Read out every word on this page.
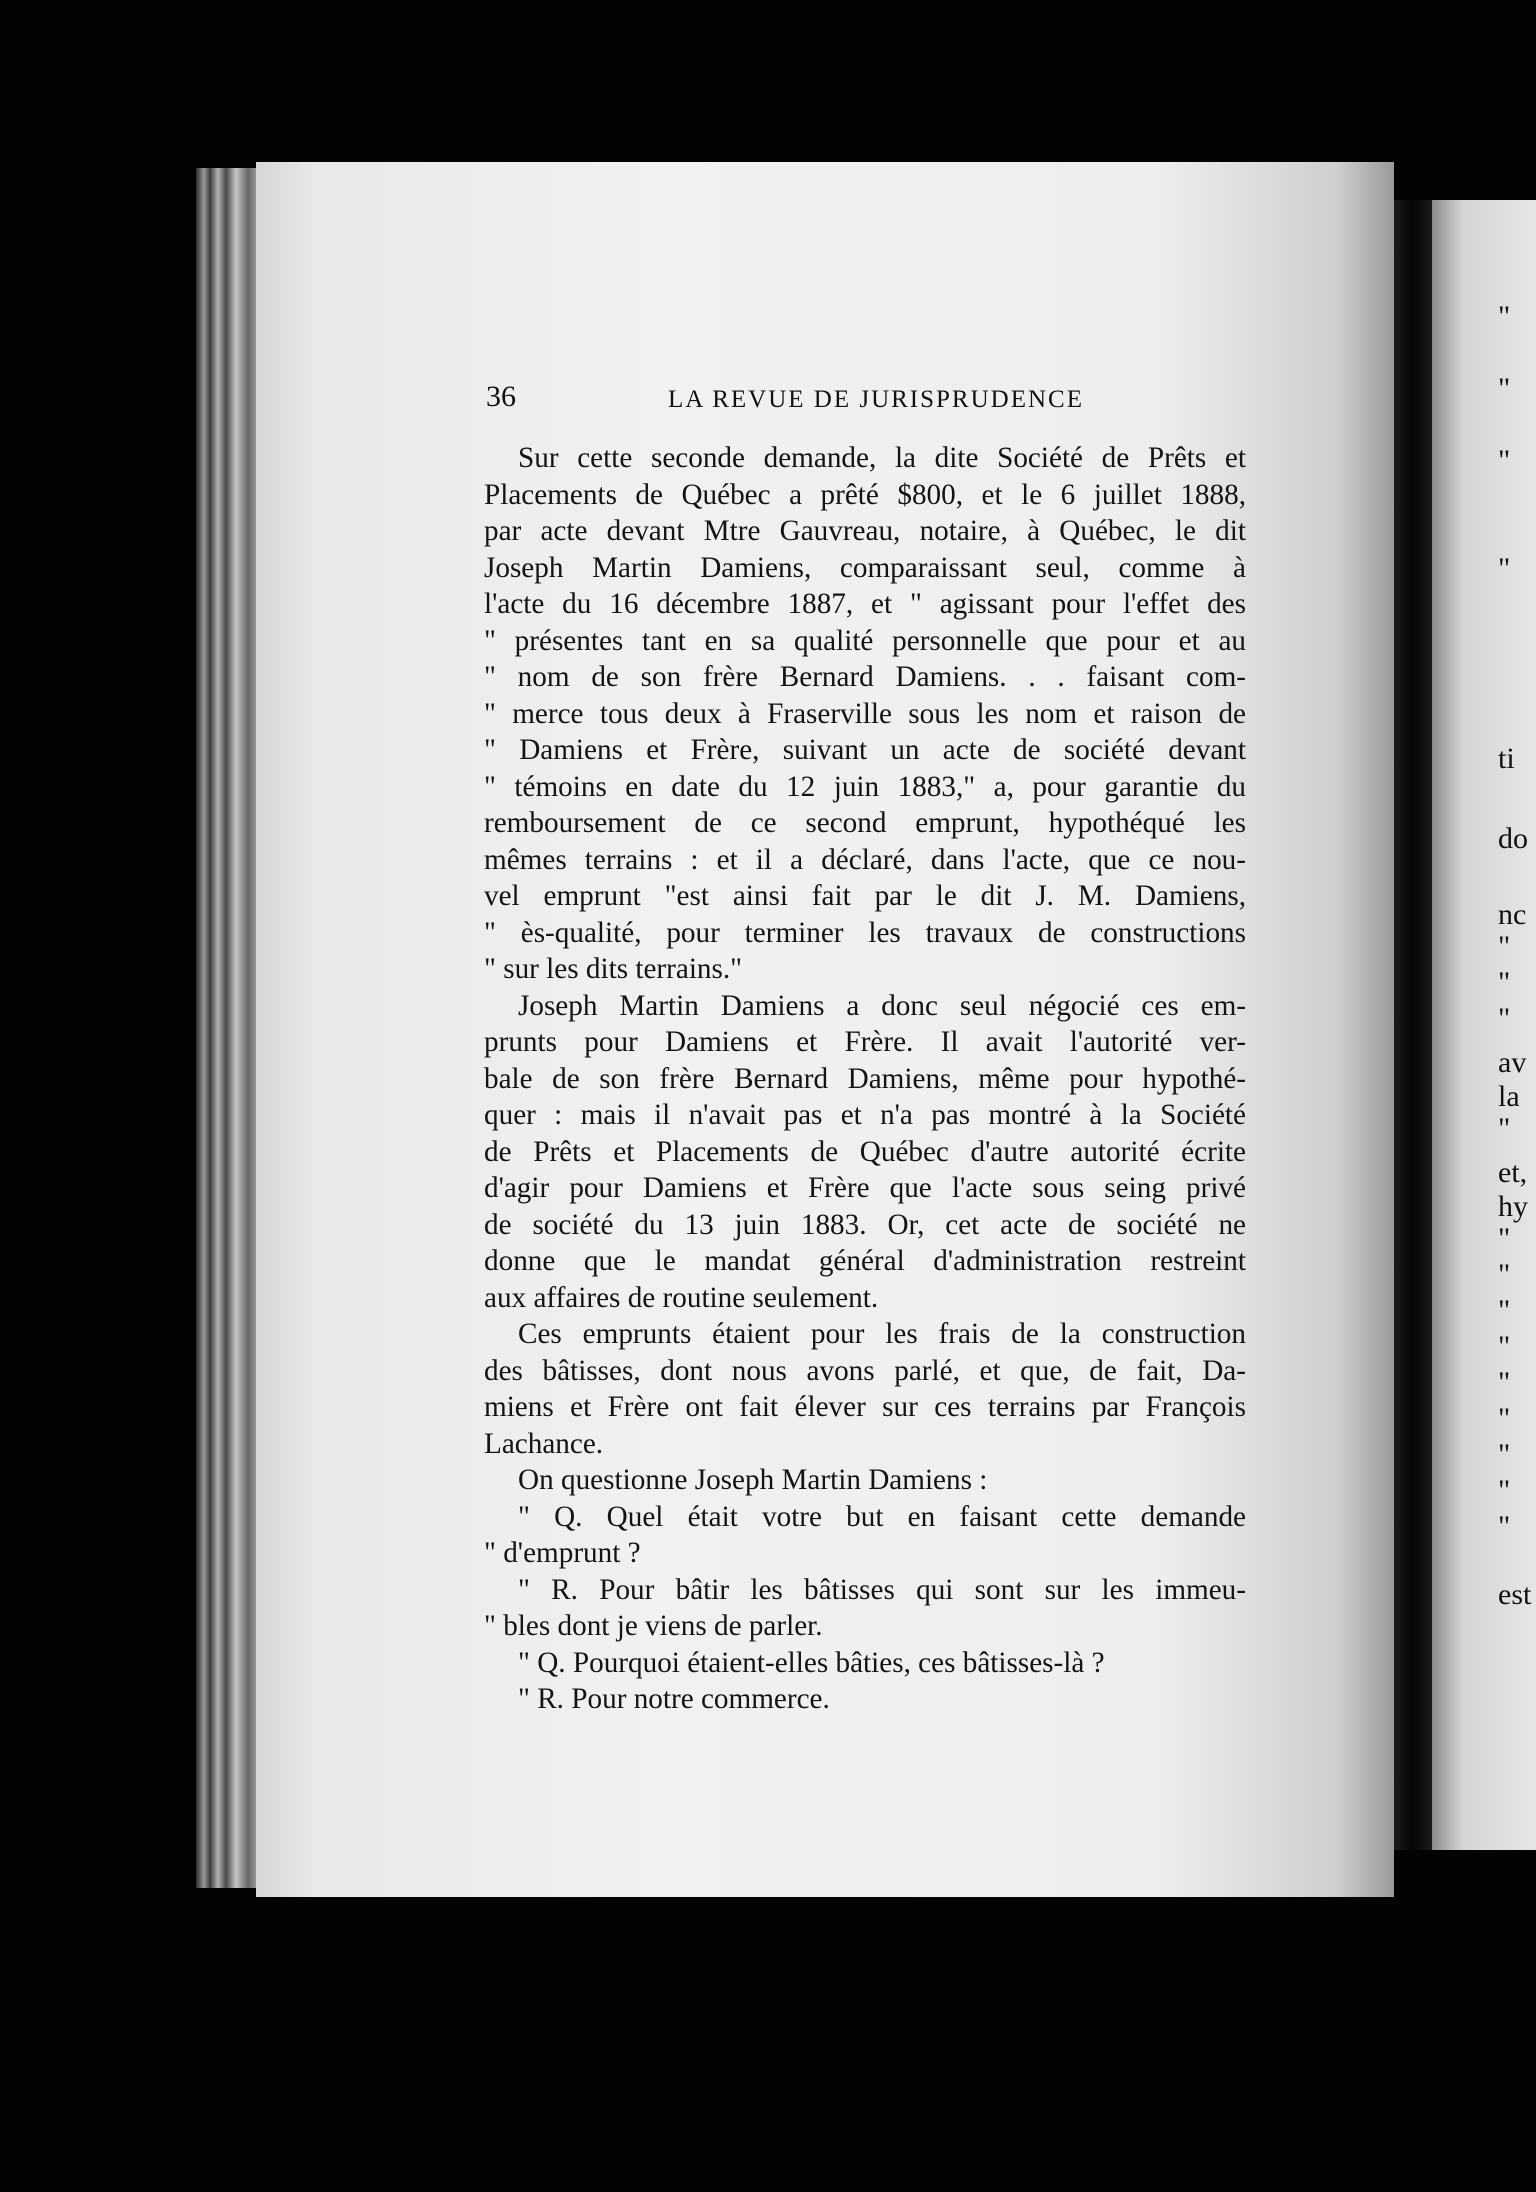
"
"
"
"
ti
do
nc
"
"
"
av
la
"
et,
hy
"
"
"
"
"
"
"
"
"
est
36	LA REVUE DE JURISPRUDENCE
Sur cette seconde demande, la dite Société de Prêts et
Placements de Québec a prêté $800, et le 6 juillet 1888,
par acte devant Mtre Gauvreau, notaire, à Québec, le dit
Joseph Martin Damiens, comparaissant seul, comme à
l'acte du 16 décembre 1887, et " agissant pour l'effet des
" présentes tant en sa qualité personnelle que pour et au
" nom de son frère Bernard Damiens. . . faisant com-
" merce tous deux à Fraserville sous les nom et raison de
" Damiens et Frère, suivant un acte de société devant
" témoins en date du 12 juin 1883," a, pour garantie du
remboursement de ce second emprunt, hypothéqué les
mêmes terrains : et il a déclaré, dans l'acte, que ce nou-
vel emprunt "est ainsi fait par le dit J. M. Damiens,
" ès-qualité, pour terminer les travaux de constructions
" sur les dits terrains."
Joseph Martin Damiens a donc seul négocié ces em-
prunts pour Damiens et Frère. Il avait l'autorité ver-
bale de son frère Bernard Damiens, même pour hypothé-
quer : mais il n'avait pas et n'a pas montré à la Société
de Prêts et Placements de Québec d'autre autorité écrite
d'agir pour Damiens et Frère que l'acte sous seing privé
de société du 13 juin 1883. Or, cet acte de société ne
donne que le mandat général d'administration restreint
aux affaires de routine seulement.
Ces emprunts étaient pour les frais de la construction
des bâtisses, dont nous avons parlé, et que, de fait, Da-
miens et Frère ont fait élever sur ces terrains par François
Lachance.
On questionne Joseph Martin Damiens :
" Q. Quel était votre but en faisant cette demande
" d'emprunt ?
" R. Pour bâtir les bâtisses qui sont sur les immeu-
" bles dont je viens de parler.
" Q. Pourquoi étaient-elles bâties, ces bâtisses-là ?
" R. Pour notre commerce.
